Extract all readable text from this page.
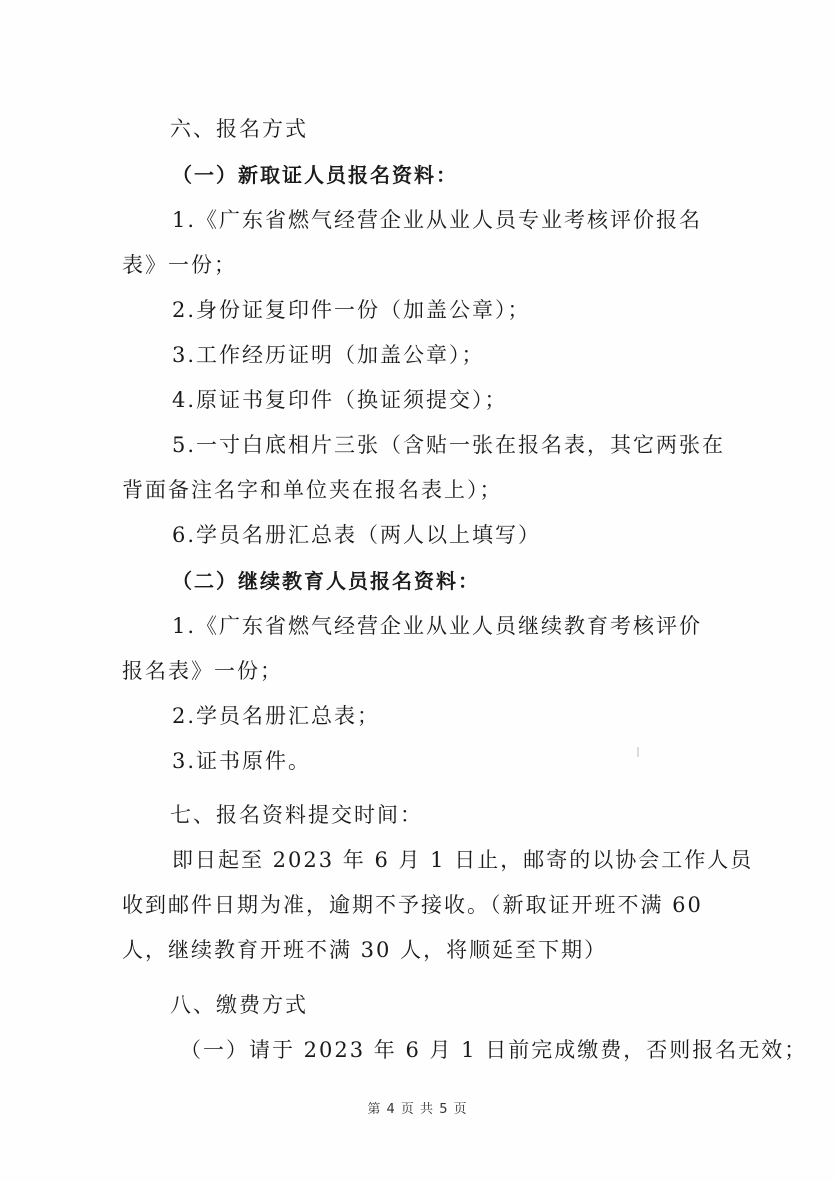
六、报名方式
（一）新取证人员报名资料：
1.《广东省燃气经营企业从业人员专业考核评价报名
表》一份；
2.身份证复印件一份（加盖公章）；
3.工作经历证明（加盖公章）；
4.原证书复印件（换证须提交）；
5.一寸白底相片三张（含贴一张在报名表，其它两张在
背面备注名字和单位夹在报名表上）；
6.学员名册汇总表（两人以上填写）
（二）继续教育人员报名资料：
1.《广东省燃气经营企业从业人员继续教育考核评价
报名表》一份；
2.学员名册汇总表；
3.证书原件。
七、报名资料提交时间：
即日起至 2023 年 6 月 1 日止，邮寄的以协会工作人员
收到邮件日期为准，逾期不予接收。（新取证开班不满 60
人，继续教育开班不满 30 人，将顺延至下期）
八、缴费方式
（一）请于 2023 年 6 月 1 日前完成缴费，否则报名无效；
第 4 页 共 5 页
